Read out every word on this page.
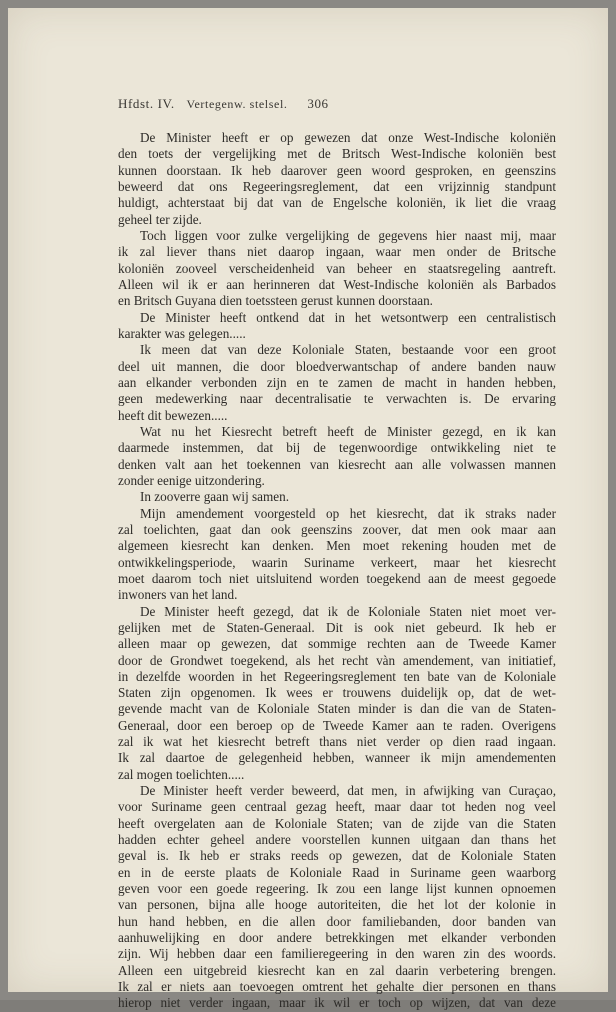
Hfdst. IV. Vertegenw. stelsel. 306
De Minister heeft er op gewezen dat onze West-Indische koloniën
den toets der vergelijking met de Britsch West-Indische koloniën best
kunnen doorstaan. Ik heb daarover geen woord gesproken, en geenszins
beweerd dat ons Regeeringsreglement, dat een vrijzinnig standpunt
huldigt, achterstaat bij dat van de Engelsche koloniën, ik liet die vraag
geheel ter zijde.
Toch liggen voor zulke vergelijking de gegevens hier naast mij, maar
ik zal liever thans niet daarop ingaan, waar men onder de Britsche
koloniën zooveel verscheidenheid van beheer en staatsregeling aantreft.
Alleen wil ik er aan herinneren dat West-Indische koloniën als Barbados
en Britsch Guyana dien toetssteen gerust kunnen doorstaan.
De Minister heeft ontkend dat in het wetsontwerp een centralistisch
karakter was gelegen.....
Ik meen dat van deze Koloniale Staten, bestaande voor een groot
deel uit mannen, die door bloedverwantschap of andere banden nauw
aan elkander verbonden zijn en te zamen de macht in handen hebben,
geen medewerking naar decentralisatie te verwachten is. De ervaring
heeft dit bewezen.....
Wat nu het Kiesrecht betreft heeft de Minister gezegd, en ik kan
daarmede instemmen, dat bij de tegenwoordige ontwikkeling niet te
denken valt aan het toekennen van kiesrecht aan alle volwassen mannen
zonder eenige uitzondering.
In zooverre gaan wij samen.
Mijn amendement voorgesteld op het kiesrecht, dat ik straks nader
zal toelichten, gaat dan ook geenszins zoover, dat men ook maar aan
algemeen kiesrecht kan denken. Men moet rekening houden met de
ontwikkelingsperiode, waarin Suriname verkeert, maar het kiesrecht
moet daarom toch niet uitsluitend worden toegekend aan de meest gegoede
inwoners van het land.
De Minister heeft gezegd, dat ik de Koloniale Staten niet moet ver-
gelijken met de Staten-Generaal. Dit is ook niet gebeurd. Ik heb er
alleen maar op gewezen, dat sommige rechten aan de Tweede Kamer
door de Grondwet toegekend, als het recht vàn amendement, van initiatief,
in dezelfde woorden in het Regeeringsreglement ten bate van de Koloniale
Staten zijn opgenomen. Ik wees er trouwens duidelijk op, dat de wet-
gevende macht van de Koloniale Staten minder is dan die van de Staten-
Generaal, door een beroep op de Tweede Kamer aan te raden. Overigens
zal ik wat het kiesrecht betreft thans niet verder op dien raad ingaan.
Ik zal daartoe de gelegenheid hebben, wanneer ik mijn amendementen
zal mogen toelichten.....
De Minister heeft verder beweerd, dat men, in afwijking van Curaçao,
voor Suriname geen centraal gezag heeft, maar daar tot heden nog veel
heeft overgelaten aan de Koloniale Staten; van de zijde van die Staten
hadden echter geheel andere voorstellen kunnen uitgaan dan thans het
geval is. Ik heb er straks reeds op gewezen, dat de Koloniale Staten
en in de eerste plaats de Koloniale Raad in Suriname geen waarborg
geven voor een goede regeering. Ik zou een lange lijst kunnen opnoemen
van personen, bijna alle hooge autoriteiten, die het lot der kolonie in
hun hand hebben, en die allen door familiebanden, door banden van
aanhuwelijking en door andere betrekkingen met elkander verbonden
zijn. Wij hebben daar een familieregeering in den waren zin des woords.
Alleen een uitgebreid kiesrecht kan en zal daarin verbetering brengen.
Ik zal er niets aan toevoegen omtrent het gehalte dier personen en thans
hierop niet verder ingaan, maar ik wil er toch op wijzen, dat van deze
